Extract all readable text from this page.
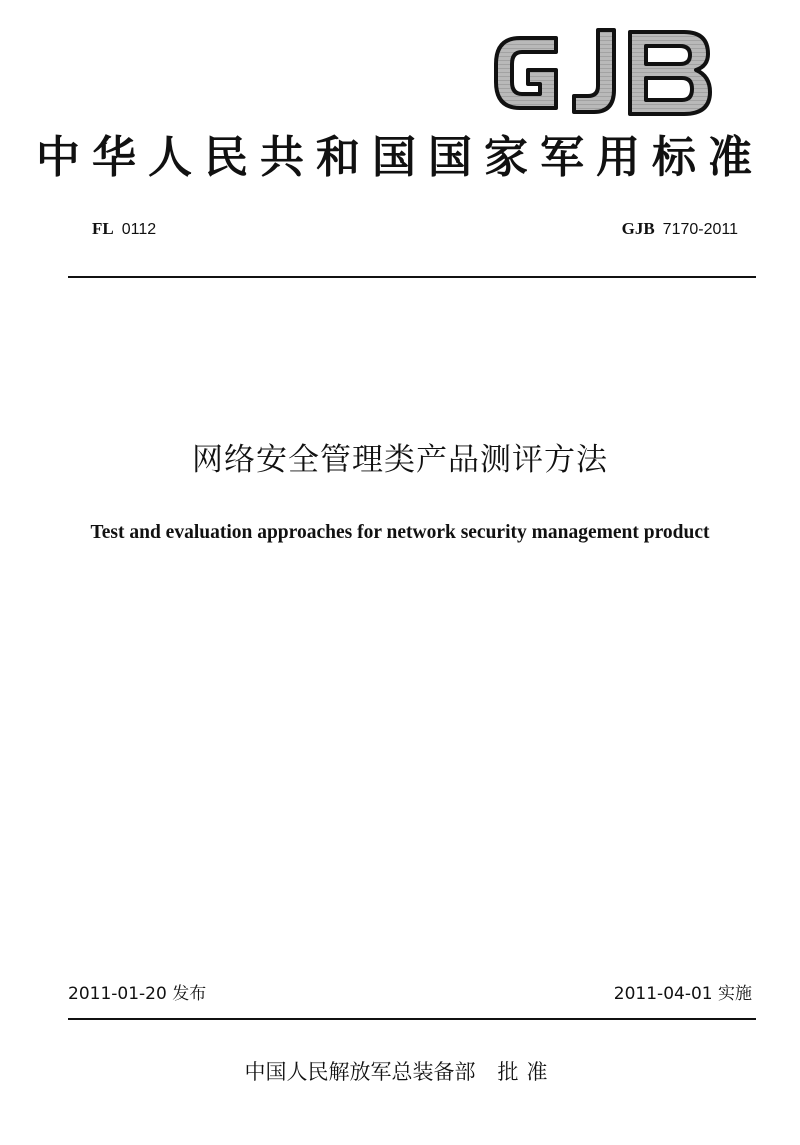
中华人民共和国国家军用标准
FL 0112	GJB 7170-2011
网络安全管理类产品测评方法
Test and evaluation approaches for network security management product
2011-01-20 发布	2011-04-01 实施
中国人民解放军总装备部 批准
